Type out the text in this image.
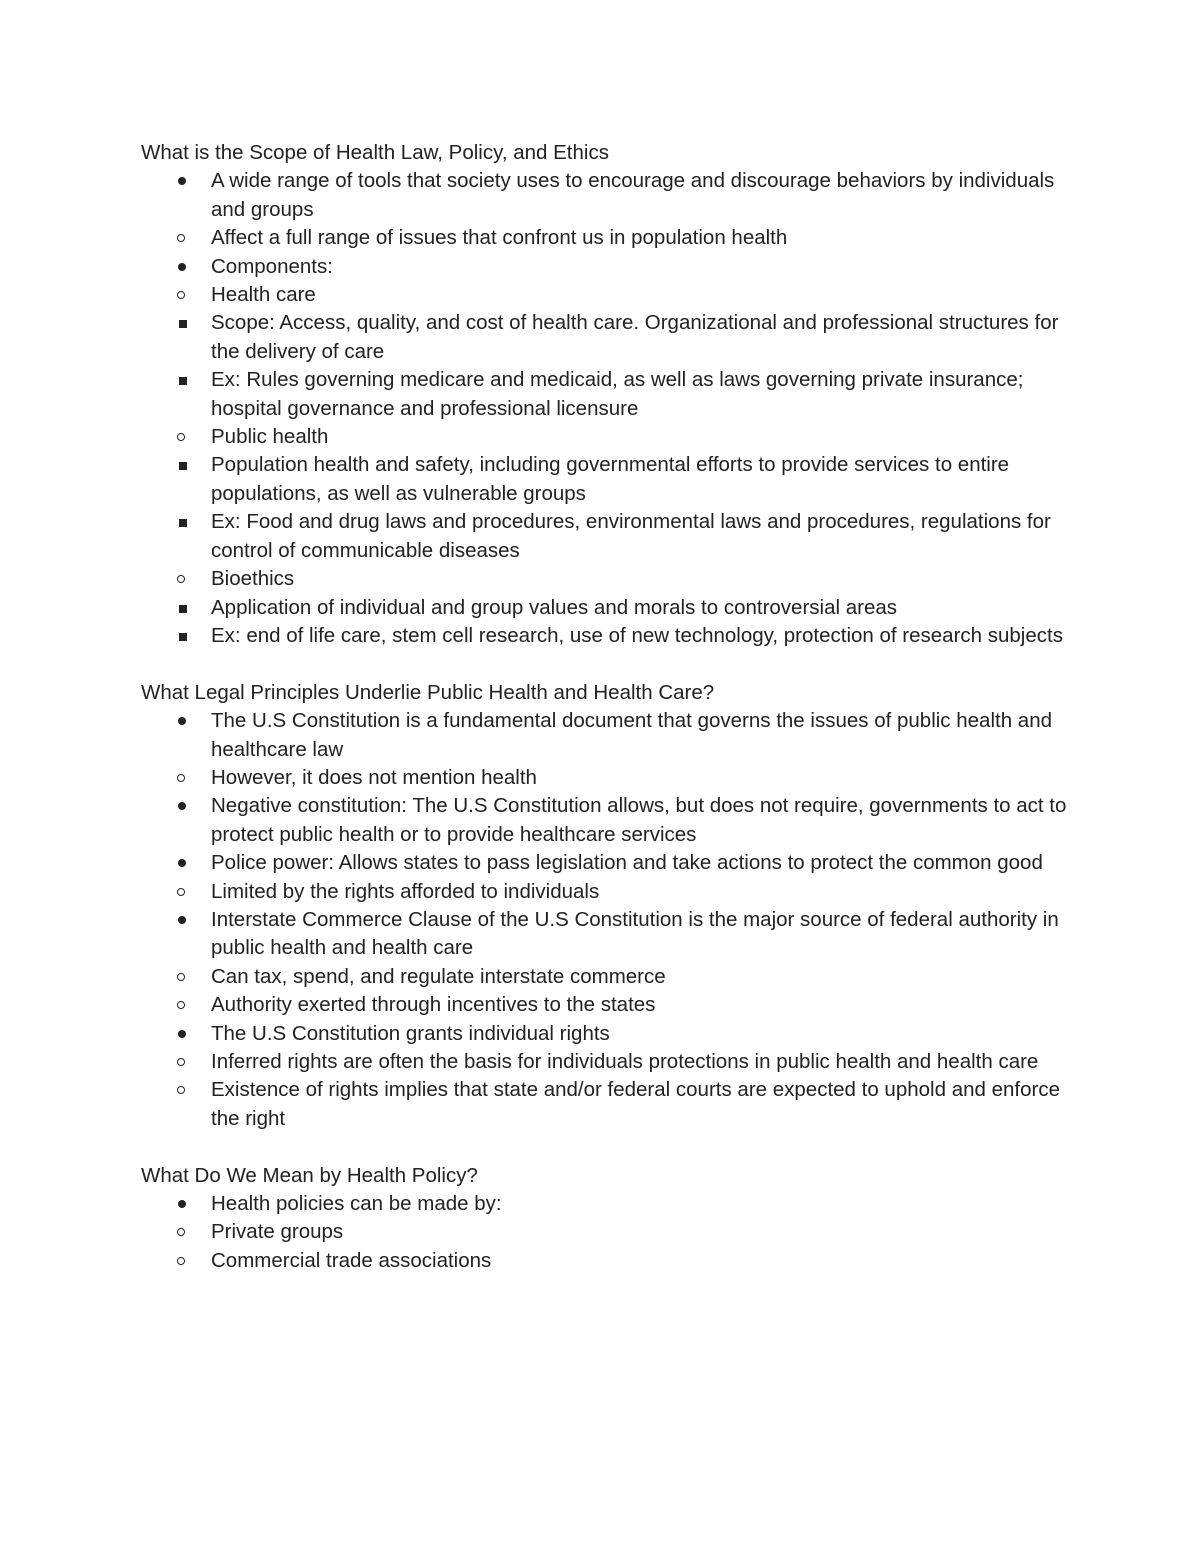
What is the Scope of Health Law, Policy, and Ethics
A wide range of tools that society uses to encourage and discourage behaviors by individuals and groups
Affect a full range of issues that confront us in population health
Components:
Health care
Scope: Access, quality, and cost of health care. Organizational and professional structures for the delivery of care
Ex: Rules governing medicare and medicaid, as well as laws governing private insurance; hospital governance and professional licensure
Public health
Population health and safety, including governmental efforts to provide services to entire populations, as well as vulnerable groups
Ex: Food and drug laws and procedures, environmental laws and procedures, regulations for control of communicable diseases
Bioethics
Application of individual and group values and morals to controversial areas
Ex: end of life care, stem cell research, use of new technology, protection of research subjects
What Legal Principles Underlie Public Health and Health Care?
The U.S Constitution is a fundamental document that governs the issues of public health and healthcare law
However, it does not mention health
Negative constitution: The U.S Constitution allows, but does not require, governments to act to protect public health or to provide healthcare services
Police power: Allows states to pass legislation and take actions to protect the common good
Limited by the rights afforded to individuals
Interstate Commerce Clause of the U.S Constitution is the major source of federal authority in public health and health care
Can tax, spend, and regulate interstate commerce
Authority exerted through incentives to the states
The U.S Constitution grants individual rights
Inferred rights are often the basis for individuals protections in public health and health care
Existence of rights implies that state and/or federal courts are expected to uphold and enforce the right
What Do We Mean by Health Policy?
Health policies can be made by:
Private groups
Commercial trade associations
